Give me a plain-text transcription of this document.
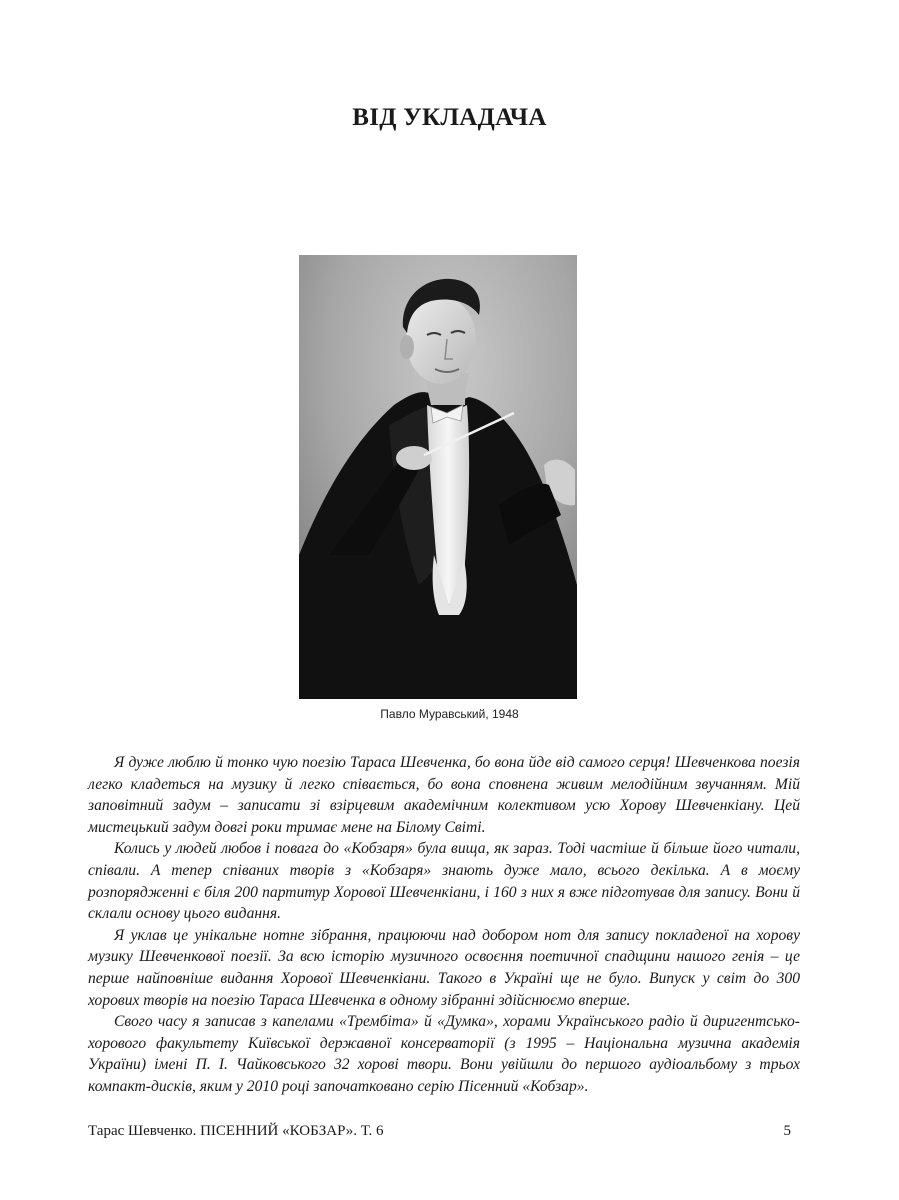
ВІД УКЛАДАЧА
Павло Муравський, 1948

Я дуже люблю й тонко чую поезію Тараса Шевченка, бо вона йде від самого серця! Шевченкова поезія легко кладеться на музику й легко співається, бо вона сповнена живим мелодійним звучанням. Мій заповітний задум – записати зі взірцевим академічним колективом усю Хорову Шевченкіану. Цей мистецький задум довгі роки тримає мене на Білому Світі.

Колись у людей любов і повага до «Кобзаря» була вища, як зараз. Тоді частіше й більше його читали, співали. А тепер співаних творів з «Кобзаря» знають дуже мало, всього декілька. А в моєму розпорядженні є біля 200 партитур Хорової Шевченкіани, і 160 з них я вже підготував для запису. Вони й склали основу цього видання.

Я уклав це унікальне нотне зібрання, працюючи над добором нот для запису покладеної на хорову музику Шевченкової поезії. За всю історію музичного освоєння поетичної спадщини нашого генія – це перше найповніше видання Хорової Шевченкіани. Такого в Україні ще не було. Випуск у світ до 300 хорових творів на поезію Тараса Шевченка в одному зібранні здійснюємо вперше.

Свого часу я записав з капелами «Трембіта» й «Думка», хорами Українського радіо й диригентсько-хорового факультету Київської державної консерваторії (з 1995 – Національна музична академія України) імені П. І. Чайковського 32 хорові твори. Вони увійшли до першого аудіоальбому з трьох компакт-дисків, яким у 2010 році започатковано серію Пісенний «Кобзар».

Тарас Шевченко. ПІСЕННИЙ «КОБЗАР». Т. 6	5
